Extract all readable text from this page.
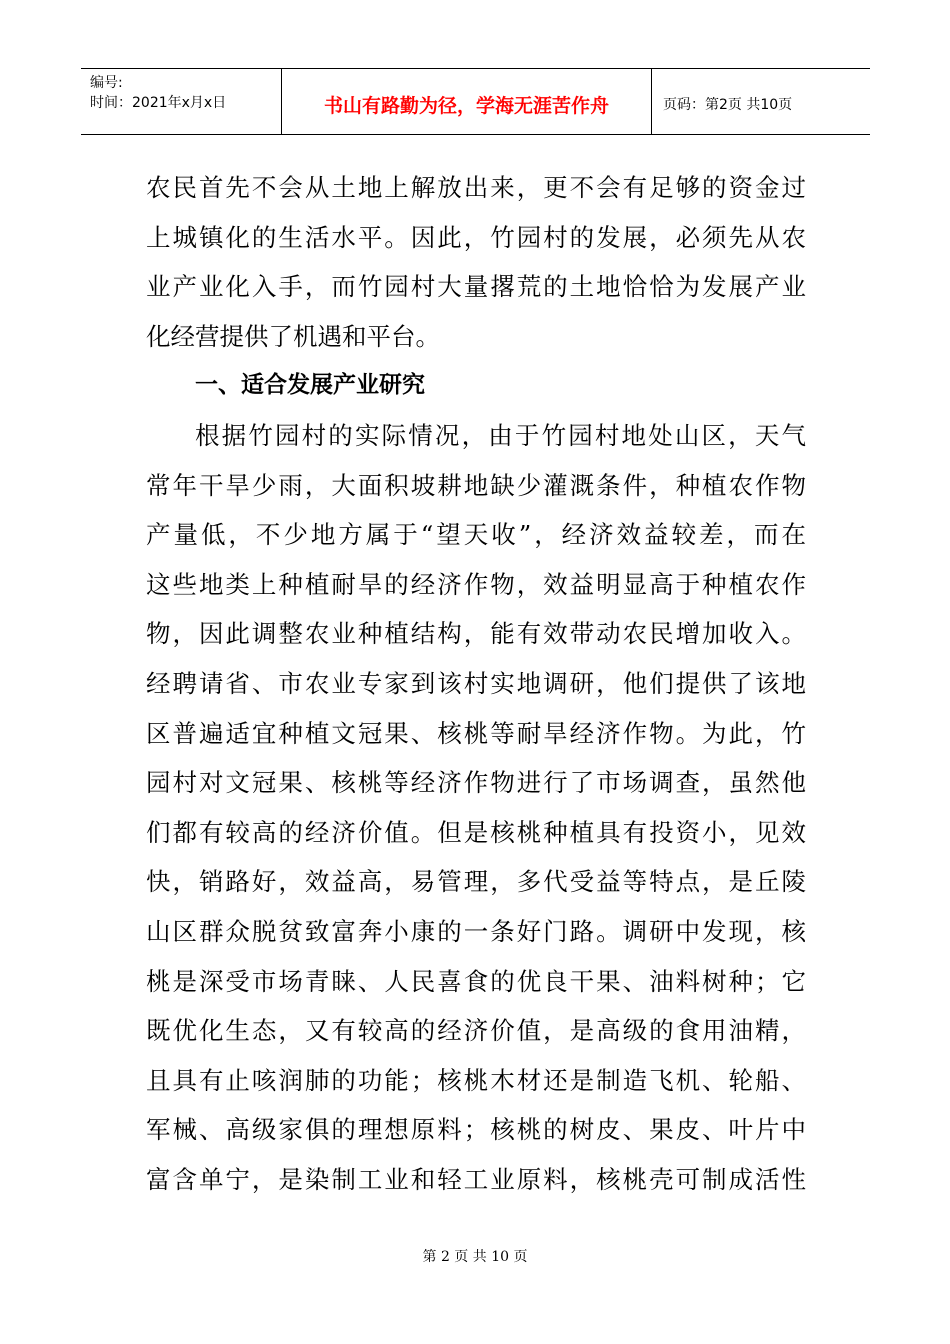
编号:
时间：2021年x月x日	书山有路勤为径，学海无涯苦作舟	页码：第2页 共10页
农民首先不会从土地上解放出来，更不会有足够的资金过
上城镇化的生活水平。因此，竹园村的发展，必须先从农
业产业化入手，而竹园村大量撂荒的土地恰恰为发展产业
化经营提供了机遇和平台。
一、适合发展产业研究
根据竹园村的实际情况，由于竹园村地处山区，天气
常年干旱少雨，大面积坡耕地缺少灌溉条件，种植农作物
产量低，不少地方属于“望天收”，经济效益较差，而在
这些地类上种植耐旱的经济作物，效益明显高于种植农作
物，因此调整农业种植结构，能有效带动农民增加收入。
经聘请省、市农业专家到该村实地调研，他们提供了该地
区普遍适宜种植文冠果、核桃等耐旱经济作物。为此，竹
园村对文冠果、核桃等经济作物进行了市场调查，虽然他
们都有较高的经济价值。但是核桃种植具有投资小，见效
快，销路好，效益高，易管理，多代受益等特点，是丘陵
山区群众脱贫致富奔小康的一条好门路。调研中发现，核
桃是深受市场青睐、人民喜食的优良干果、油料树种；它
既优化生态，又有较高的经济价值，是高级的食用油精，
且具有止咳润肺的功能；核桃木材还是制造飞机、轮船、
军械、高级家俱的理想原料；核桃的树皮、果皮、叶片中
富含单宁，是染制工业和轻工业原料，核桃壳可制成活性
第 2 页 共 10 页
